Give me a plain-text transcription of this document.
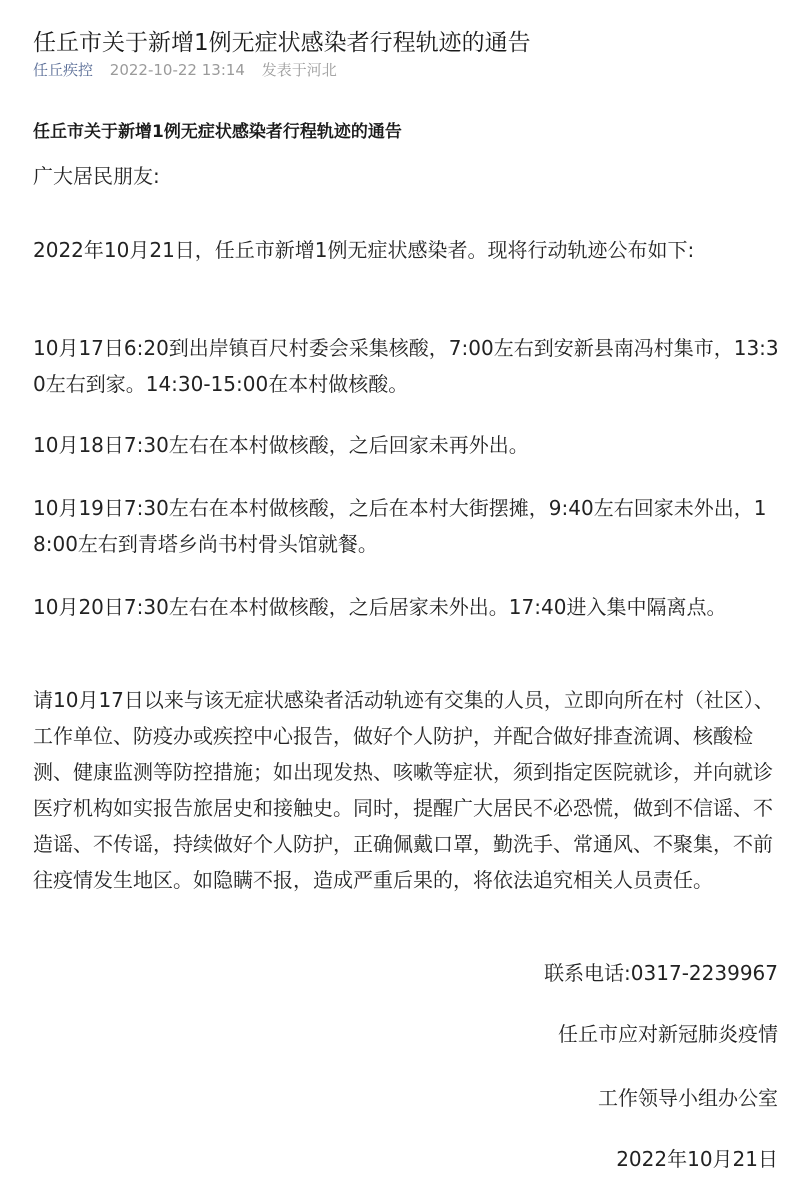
任丘市关于新增1例无症状感染者行程轨迹的通告
任丘疾控 2022-10-22 13:14 发表于河北
任丘市关于新增1例无症状感染者行程轨迹的通告

广大居民朋友:

2022年10月21日，任丘市新增1例无症状感染者。现将行动轨迹公布如下:

10月17日6:20到出岸镇百尺村委会采集核酸，7:00左右到安新县南冯村集市，13:30左右到家。14:30-15:00在本村做核酸。

10月18日7:30左右在本村做核酸，之后回家未再外出。

10月19日7:30左右在本村做核酸，之后在本村大街摆摊，9:40左右回家未外出，18:00左右到青塔乡尚书村骨头馆就餐。

10月20日7:30左右在本村做核酸，之后居家未外出。17:40进入集中隔离点。

请10月17日以来与该无症状感染者活动轨迹有交集的人员，立即向所在村（社区）、工作单位、防疫办或疾控中心报告，做好个人防护，并配合做好排查流调、核酸检测、健康监测等防控措施；如出现发热、咳嗽等症状，须到指定医院就诊，并向就诊医疗机构如实报告旅居史和接触史。同时，提醒广大居民不必恐慌，做到不信谣、不造谣、不传谣，持续做好个人防护，正确佩戴口罩，勤洗手、常通风、不聚集，不前往疫情发生地区。如隐瞒不报，造成严重后果的，将依法追究相关人员责任。

联系电话:0317-2239967
任丘市应对新冠肺炎疫情
工作领导小组办公室
2022年10月21日
